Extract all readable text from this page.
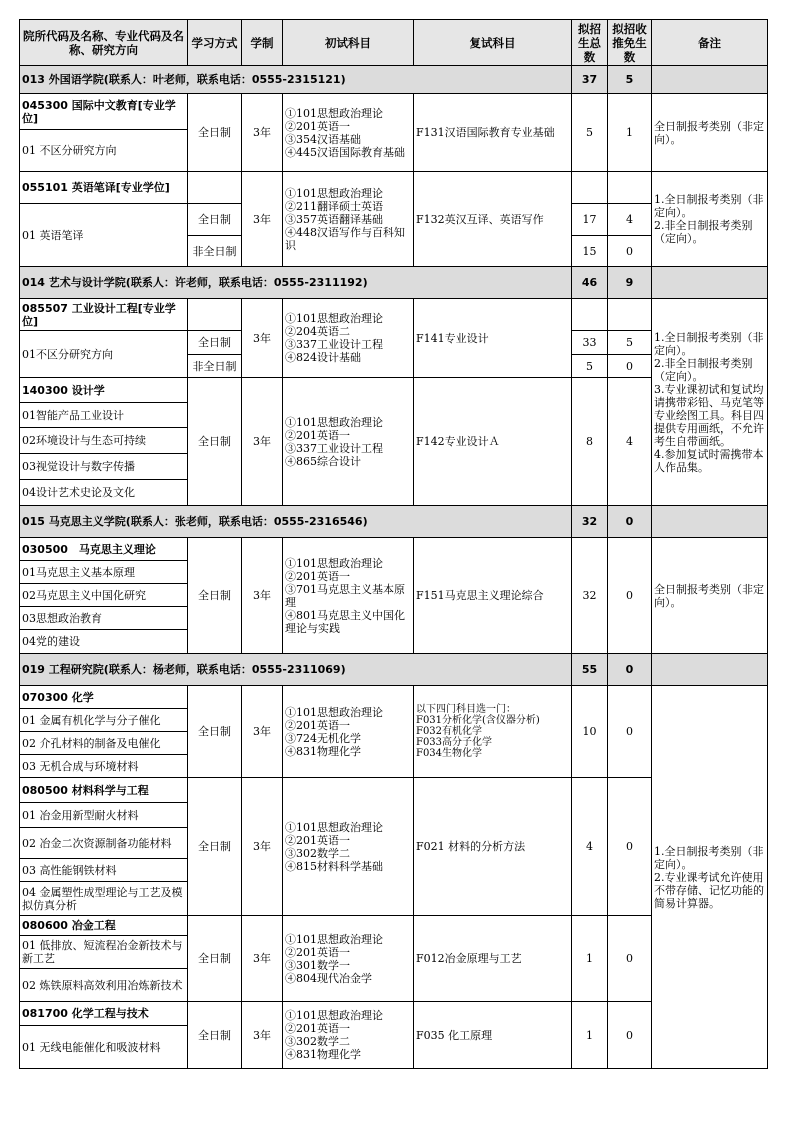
院所代码及名称、专业代码及名称、研究方向	学习方式	学制	初试科目	复试科目	拟招生总数	拟招收推免生数	备注
013 外国语学院(联系人：叶老师，联系电话：0555-2315121)					37	5	
045300 国际中文教育[专业学位]	全日制	3年	①101思想政治理论
②201英语一
③354汉语基础
④445汉语国际教育基础	F131汉语国际教育专业基础	5	1	全日制报考类别（非定向）。
01 不区分研究方向							
055101 英语笔译[专业学位]		3年	①101思想政治理论
②211翻译硕士英语
③357英语翻译基础
④448汉语写作与百科知识	F132英汉互译、英语写作			1.全日制报考类别（非定向）。
2.非全日制报考类别（定向）。
01 英语笔译	全日制				17	4	
	非全日制				15	0	
014 艺术与设计学院(联系人：许老师，联系电话：0555-2311192)					46	9	
085507 工业设计工程[专业学位]		3年	①101思想政治理论
②204英语二
③337工业设计工程
④824设计基础	F141专业设计			1.全日制报考类别（非定向）。
2.非全日制报考类别（定向）。
3.专业课初试和复试均请携带彩铅、马克笔等专业绘图工具。科目四提供专用画纸，不允许考生自带画纸。
4.参加复试时需携带本人作品集。
01不区分研究方向	全日制				33	5	
	非全日制				5	0	
140300 设计学	全日制	3年	①101思想政治理论
②201英语一
③337工业设计工程
④865综合设计	F142专业设计Ａ	8	4	
01智能产品工业设计							
02环境设计与生态可持续							
03视觉设计与数字传播							
04设计艺术史论及文化							
015 马克思主义学院(联系人：张老师，联系电话：0555-2316546)					32	0	
030500　马克思主义理论	全日制	3年	①101思想政治理论
②201英语一
③701马克思主义基本原理
④801马克思主义中国化理论与实践	F151马克思主义理论综合	32	0	全日制报考类别（非定向）。
01马克思主义基本原理							
02马克思主义中国化研究							
03思想政治教育							
04党的建设							
019 工程研究院(联系人：杨老师，联系电话：0555-2311069)					55	0	
070300 化学	全日制	3年	①101思想政治理论
②201英语一
③724无机化学
④831物理化学	以下四门科目选一门：
F031分析化学(含仪器分析)
F032有机化学
F033高分子化学
F034生物化学	10	0	1.全日制报考类别（非定向）。
2.专业课考试允许使用不带存储、记忆功能的简易计算器。
01 金属有机化学与分子催化							
02 介孔材料的制备及电催化							
03 无机合成与环境材料							
080500 材料科学与工程	全日制	3年	①101思想政治理论
②201英语一
③302数学二
④815材料科学基础	F021 材料的分析方法	4	0	
01 冶金用新型耐火材料							
02 冶金二次资源制备功能材料							
03 高性能钢铁材料							
04 金属塑性成型理论与工艺及模拟仿真分析							
080600 冶金工程	全日制	3年	①101思想政治理论
②201英语一
③301数学一
④804现代冶金学	F012冶金原理与工艺	1	0	
01 低排放、短流程冶金新技术与新工艺							
02 炼铁原料高效利用冶炼新技术							
081700 化学工程与技术	全日制	3年	①101思想政治理论
②201英语一
③302数学二
④831物理化学	F035 化工原理	1	0	
01 无线电能催化和吸波材料							
